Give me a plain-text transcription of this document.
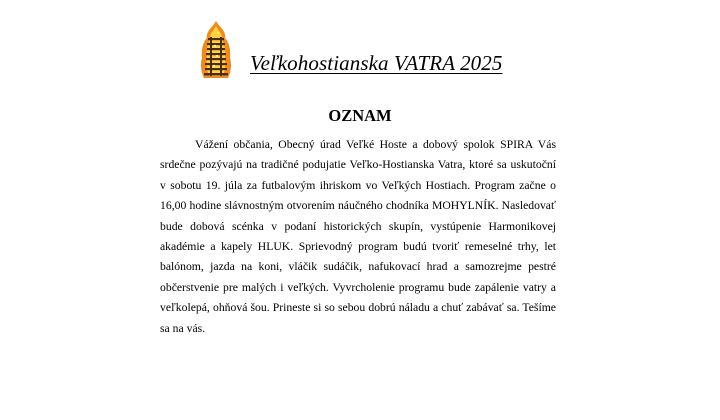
Veľkohostianska VATRA 2025
OZNAM

Vážení občania, Obecný úrad Veľké Hoste a dobový spolok SPIRA Vás srdečne pozývajú na tradičné podujatie Veľko-Hostianska Vatra, ktoré sa uskutoční v sobotu 19. júla za futbalovým ihriskom vo Veľkých Hostiach. Program začne o 16,00 hodine slávnostným otvorením náučného chodníka MOHYLNÍK. Nasledovať bude dobová scénka v podaní historických skupín, vystúpenie Harmonikovej akadémie a kapely HLUK. Sprievodný program budú tvoriť remeselné trhy, let balónom, jazda na koni, vláčik sudáčik, nafukovací hrad a samozrejme pestré občerstvenie pre malých i veľkých. Vyvrcholenie programu bude zapálenie vatry a veľkolepá, ohňová šou. Prineste si so sebou dobrú náladu a chuť zabávať sa. Tešíme sa na vás.
